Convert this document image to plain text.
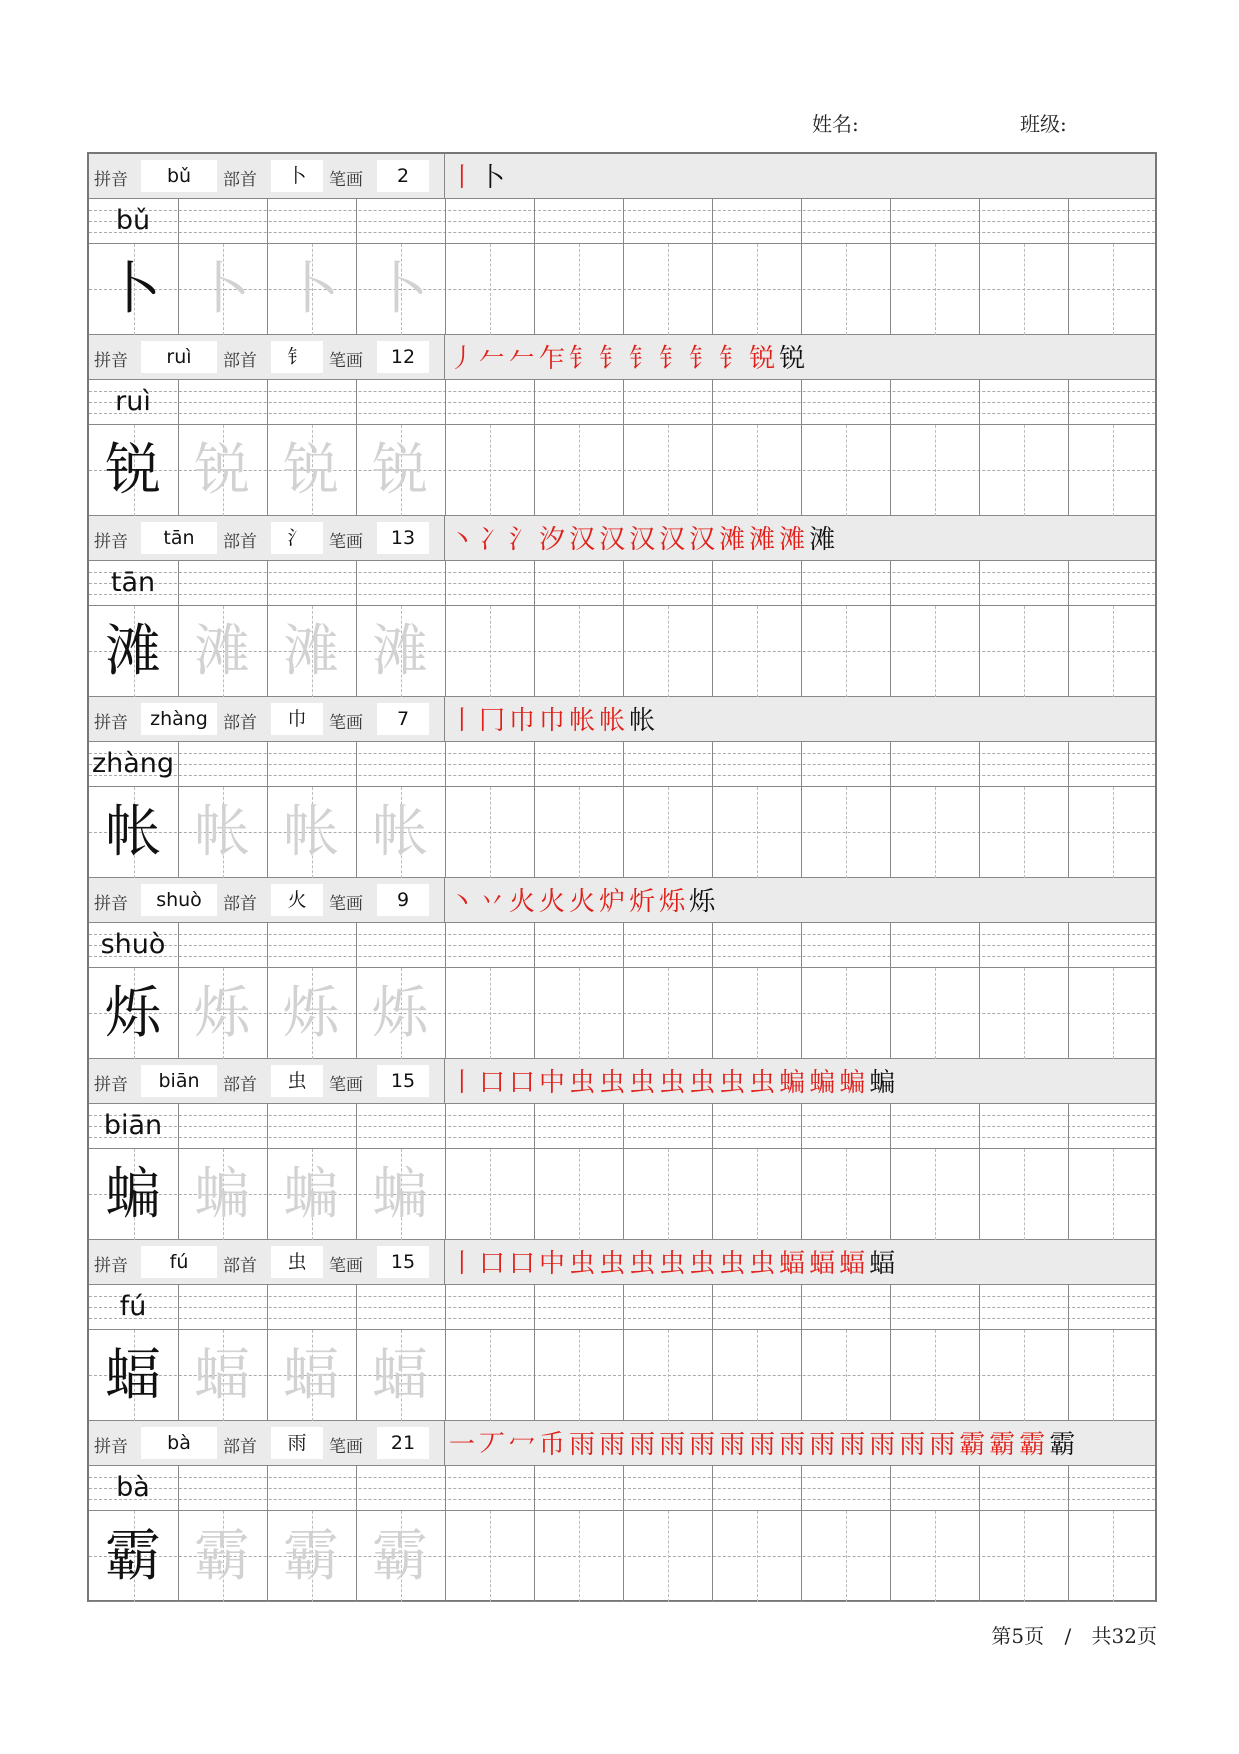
姓名:	班级:
拼音	bǔ	部首	卜	笔画	2	丨 卜
bǔ
卜 卜 卜 卜
拼音	ruì	部首	钅	笔画	12	丿 𠂉 𠂉 乍 钅 钅 钅 钅 钅 钅 锐 锐
ruì
锐 锐 锐 锐
拼音	tān	部首	氵	笔画	13	丶 冫 氵 汐 汉 汉 汉 汉 汉 滩 滩 滩 滩
tān
滩 滩 滩 滩
拼音	zhàng 部首	巾	笔画	7	丨 冂 巾 巾 帐 帐 帐
zhàng
帐 帐 帐 帐
拼音	shuò	部首	火	笔画	9	丶 丷 火 火 火 炉 炘 烁 烁
shuò
烁 烁 烁 烁
拼音	biān	部首	虫	笔画	15	丨 口 口 中 虫 虫 虫 虫 虫 虫 虫 蝙 蝙 蝙 蝙
biān
蝙 蝙 蝙 蝙
拼音	fú	部首	虫	笔画	15	丨 口 口 中 虫 虫 虫 虫 虫 虫 虫 蝠 蝠 蝠 蝠
fú
蝠 蝠 蝠 蝠
拼音	bà	部首	雨	笔画	21	一 丆 冖 币 雨 雨 雨 雨 雨 雨 雨 雨 雨 雨 雨 雨 雨 霸 霸 霸 霸
bà
霸 霸 霸 霸
第5页 / 共32页
